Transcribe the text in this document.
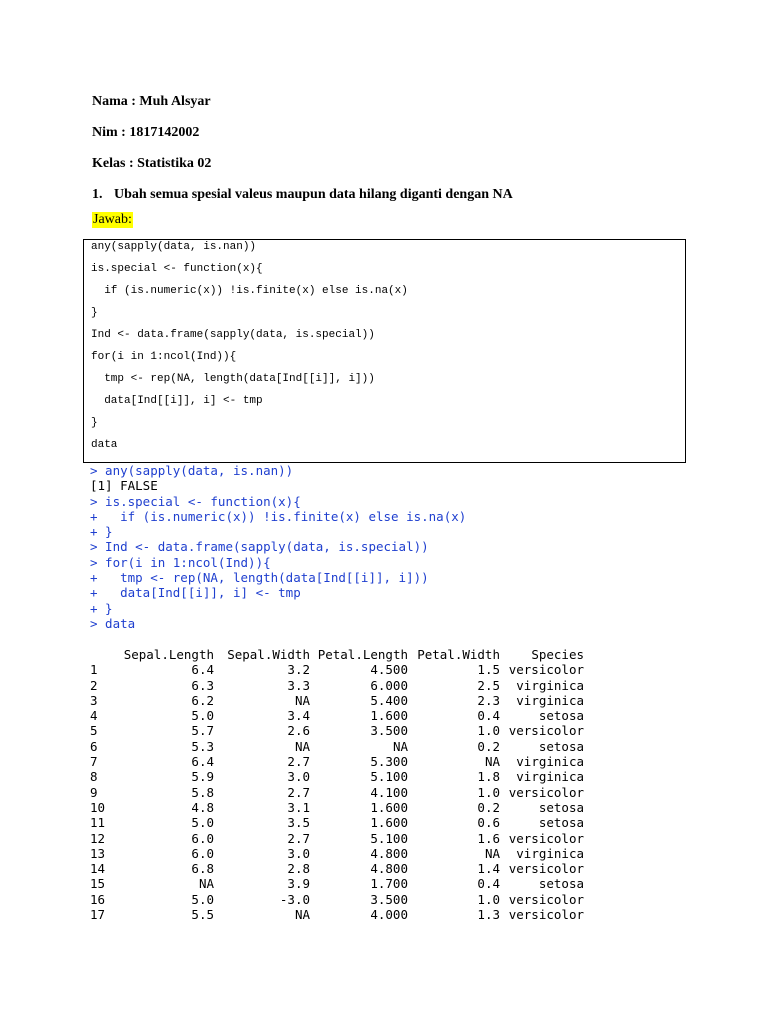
Nama : Muh Alsyar
Nim : 1817142002
Kelas : Statistika 02
1. Ubah semua spesial valeus maupun data hilang diganti dengan NA
Jawab:
any(sapply(data, is.nan))
is.special <- function(x){
if (is.numeric(x)) !is.finite(x) else is.na(x)
}
Ind <- data.frame(sapply(data, is.special))
for(i in 1:ncol(Ind)){
tmp <- rep(NA, length(data[Ind[[i]], i]))
data[Ind[[i]], i] <- tmp
}
data
> any(sapply(data, is.nan))
[1] FALSE
> is.special <- function(x){
+   if (is.numeric(x)) !is.finite(x) else is.na(x)
+ }
> Ind <- data.frame(sapply(data, is.special))
> for(i in 1:ncol(Ind)){
+   tmp <- rep(NA, length(data[Ind[[i]], i]))
+   data[Ind[[i]], i] <- tmp
+ }
> data
	Sepal.Length	Sepal.Width	Petal.Length	Petal.Width	Species
1	6.4	3.2	4.500	1.5	versicolor
2	6.3	3.3	6.000	2.5	virginica
3	6.2	NA	5.400	2.3	virginica
4	5.0	3.4	1.600	0.4	setosa
5	5.7	2.6	3.500	1.0	versicolor
6	5.3	NA	NA	0.2	setosa
7	6.4	2.7	5.300	NA	virginica
8	5.9	3.0	5.100	1.8	virginica
9	5.8	2.7	4.100	1.0	versicolor
10	4.8	3.1	1.600	0.2	setosa
11	5.0	3.5	1.600	0.6	setosa
12	6.0	2.7	5.100	1.6	versicolor
13	6.0	3.0	4.800	NA	virginica
14	6.8	2.8	4.800	1.4	versicolor
15	NA	3.9	1.700	0.4	setosa
16	5.0	-3.0	3.500	1.0	versicolor
17	5.5	NA	4.000	1.3	versicolor
